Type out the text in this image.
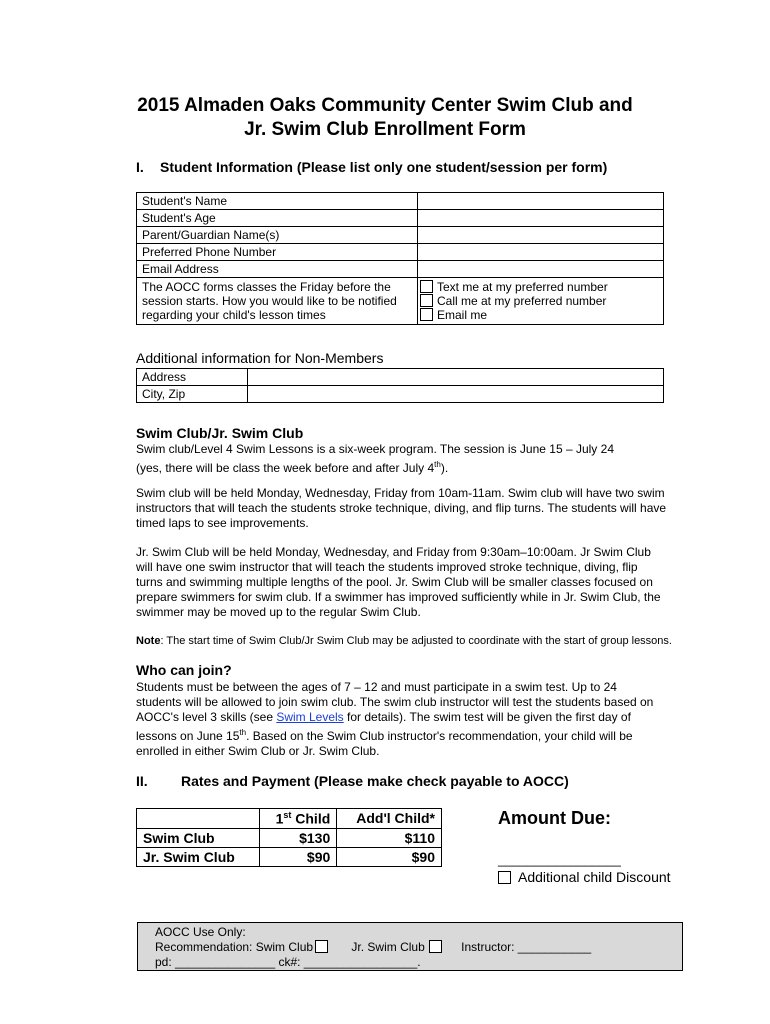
2015 Almaden Oaks Community Center Swim Club and
Jr. Swim Club Enrollment Form
I. Student Information (Please list only one student/session per form)
Student's Name	
Student's Age	
Parent/Guardian Name(s)	
Preferred Phone Number	
Email Address	
The AOCC forms classes the Friday before the session starts. How you would like to be notified regarding your child's lesson times	Text me at my preferred number
Call me at my preferred number
Email me
Additional information for Non-Members
Address	
City, Zip	
Swim Club/Jr. Swim Club
Swim club/Level 4 Swim Lessons is a six-week program. The session is June 15 – July 24
(yes, there will be class the week before and after July 4th).
Swim club will be held Monday, Wednesday, Friday from 10am-11am. Swim club will have two swim instructors that will teach the students stroke technique, diving, and flip turns. The students will have timed laps to see improvements.
Jr. Swim Club will be held Monday, Wednesday, and Friday from 9:30am–10:00am. Jr Swim Club will have one swim instructor that will teach the students improved stroke technique, diving, flip turns and swimming multiple lengths of the pool. Jr. Swim Club will be smaller classes focused on prepare swimmers for swim club. If a swimmer has improved sufficiently while in Jr. Swim Club, the swimmer may be moved up to the regular Swim Club.
Note: The start time of Swim Club/Jr Swim Club may be adjusted to coordinate with the start of group lessons.
Who can join?
Students must be between the ages of 7 – 12 and must participate in a swim test. Up to 24 students will be allowed to join swim club. The swim club instructor will test the students based on AOCC's level 3 skills (see Swim Levels for details). The swim test will be given the first day of lessons on June 15th. Based on the Swim Club instructor's recommendation, your child will be enrolled in either Swim Club or Jr. Swim Club.
II. Rates and Payment (Please make check payable to AOCC)
	1st Child	Add'l Child*
Swim Club	$130	$110
Jr. Swim Club	$90	$90
Amount Due:
_________________
Additional child Discount
AOCC Use Only:
Recommendation: Swim Club	Jr. Swim Club	Instructor: ___________
pd: _______________ ck#: _________________.
